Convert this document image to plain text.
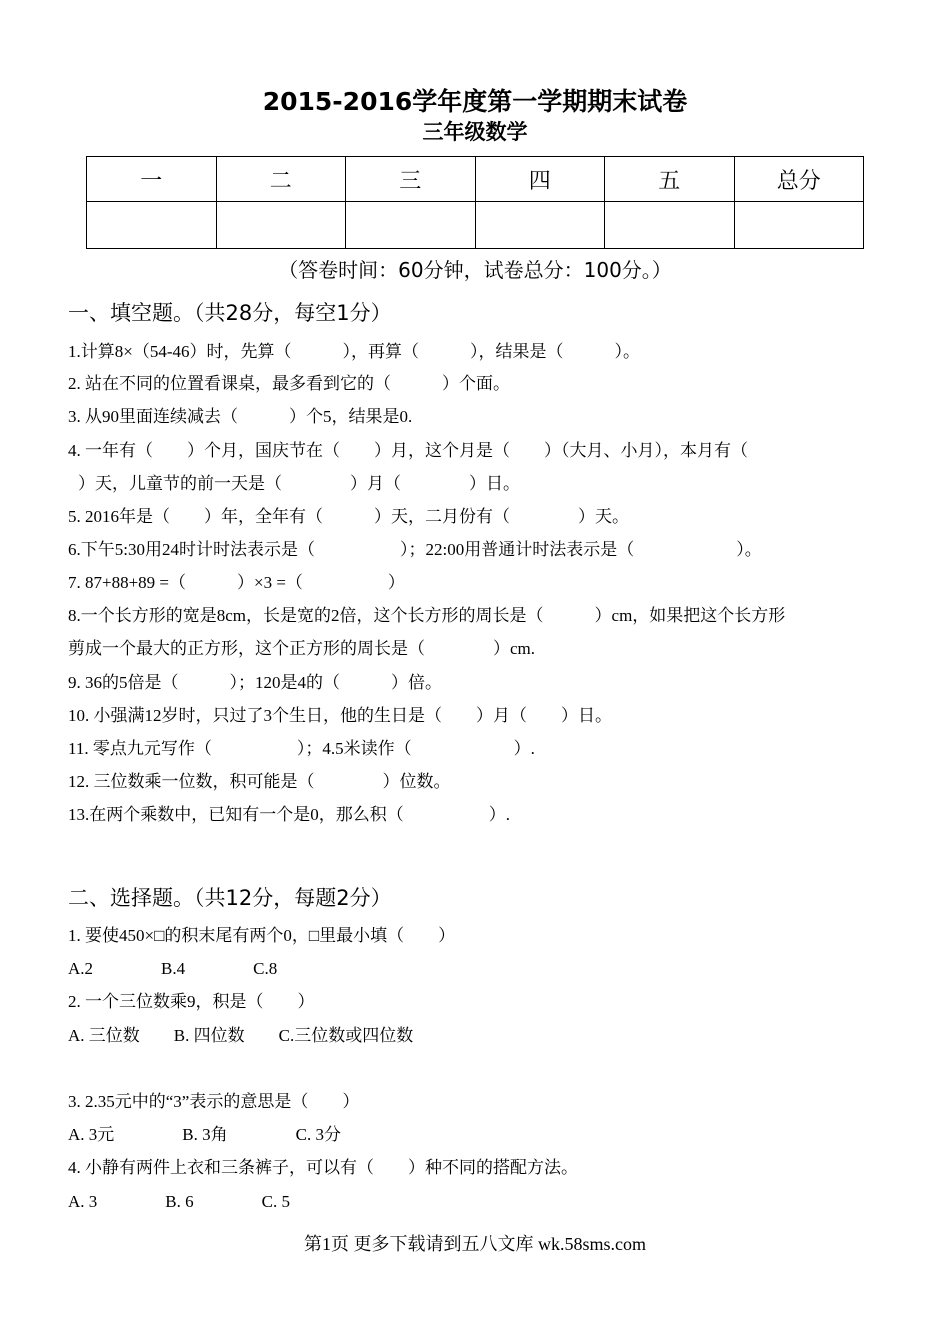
2015-2016学年度第一学期期末试卷
三年级数学
一	二	三	四	五	总分

（答卷时间：60分钟，试卷总分：100分。）
一、填空题。（共28分，每空1分）
1.计算8×（54-46）时，先算（　　　），再算（　　　），结果是（　　　）。
2. 站在不同的位置看课桌，最多看到它的（　　　）个面。
3. 从90里面连续减去（　　　）个5，结果是0.
4. 一年有（　　）个月，国庆节在（　　）月，这个月是（　　）（大月、小月），本月有（
）天，儿童节的前一天是（　　　　）月（　　　　）日。
5. 2016年是（　　）年，全年有（　　　）天，二月份有（　　　　）天。
6.下午5:30用24时计时法表示是（　　　　　）；22:00用普通计时法表示是（　　　　　　）。
7. 87+88+89 =（　　　）×3 =（　　　　　）
8.一个长方形的宽是8cm，长是宽的2倍，这个长方形的周长是（　　　）cm，如果把这个长方形
剪成一个最大的正方形，这个正方形的周长是（　　　　）cm.
9. 36的5倍是（　　　）；120是4的（　　　）倍。
10. 小强满12岁时，只过了3个生日，他的生日是（　　）月（　　）日。
11. 零点九元写作（　　　　　）；4.5米读作（　　　　　　）.
12. 三位数乘一位数，积可能是（　　　　）位数。
13.在两个乘数中，已知有一个是0，那么积（　　　　　）.
二、选择题。（共12分，每题2分）
1. 要使450×□的积末尾有两个0，□里最小填（　　）
A.2　　　　B.4　　　　C.8
2. 一个三位数乘9，积是（　　）
A. 三位数　　B. 四位数　　C.三位数或四位数
3. 2.35元中的“3”表示的意思是（　　）
A. 3元　　　　B. 3角　　　　C. 3分
4. 小静有两件上衣和三条裤子，可以有（　　）种不同的搭配方法。
A. 3　　　　B. 6　　　　C. 5
第1页 更多下载请到五八文库 wk.58sms.com
